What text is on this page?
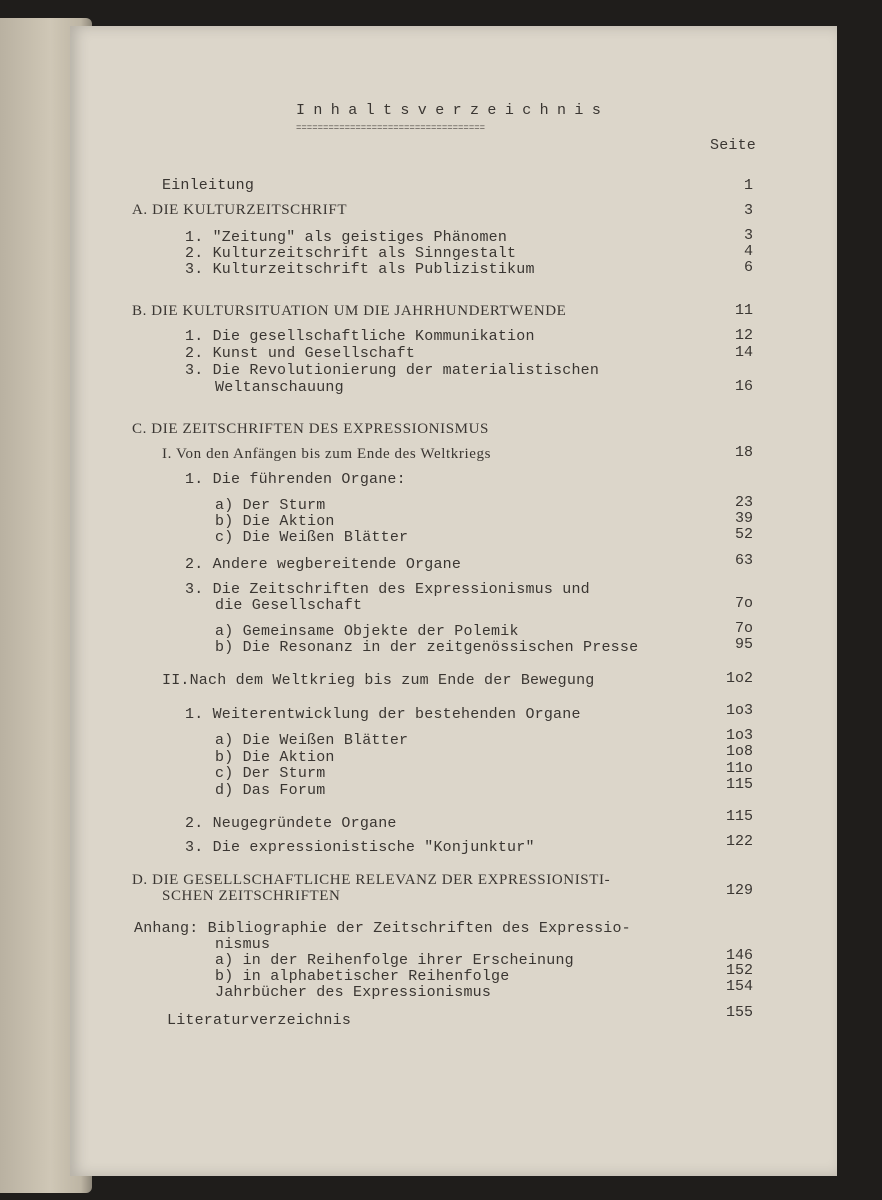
Inhaltsverzeichnis
===================================
Seite
Einleitung	1
A. DIE KULTURZEITSCHRIFT	3
1. "Zeitung" als geistiges Phänomen	3
2. Kulturzeitschrift als Sinngestalt	4
3. Kulturzeitschrift als Publizistikum	6
B. DIE KULTURSITUATION UM DIE JAHRHUNDERTWENDE	11
1. Die gesellschaftliche Kommunikation	12
2. Kunst und Gesellschaft	14
3. Die Revolutionierung der materialistischen
Weltanschauung	16
C. DIE ZEITSCHRIFTEN DES EXPRESSIONISMUS
I. Von den Anfängen bis zum Ende des Weltkriegs	18
1. Die führenden Organe:
a) Der Sturm	23
b) Die Aktion	39
c) Die Weißen Blätter	52
2. Andere wegbereitende Organe	63
3. Die Zeitschriften des Expressionismus und
die Gesellschaft	7o
a) Gemeinsame Objekte der Polemik	7o
b) Die Resonanz in der zeitgenössischen Presse	95
II.Nach dem Weltkrieg bis zum Ende der Bewegung	1o2
1. Weiterentwicklung der bestehenden Organe	1o3
a) Die Weißen Blätter	1o3
b) Die Aktion	1o8
c) Der Sturm	11o
d) Das Forum	115
2. Neugegründete Organe	115
3. Die expressionistische "Konjunktur"	122
D. DIE GESELLSCHAFTLICHE RELEVANZ DER EXPRESSIONISTI-
SCHEN ZEITSCHRIFTEN	129
Anhang: Bibliographie der Zeitschriften des Expressio-
nismus
a) in der Reihenfolge ihrer Erscheinung	146
b) in alphabetischer Reihenfolge	152
Jahrbücher des Expressionismus	154
Literaturverzeichnis	155
